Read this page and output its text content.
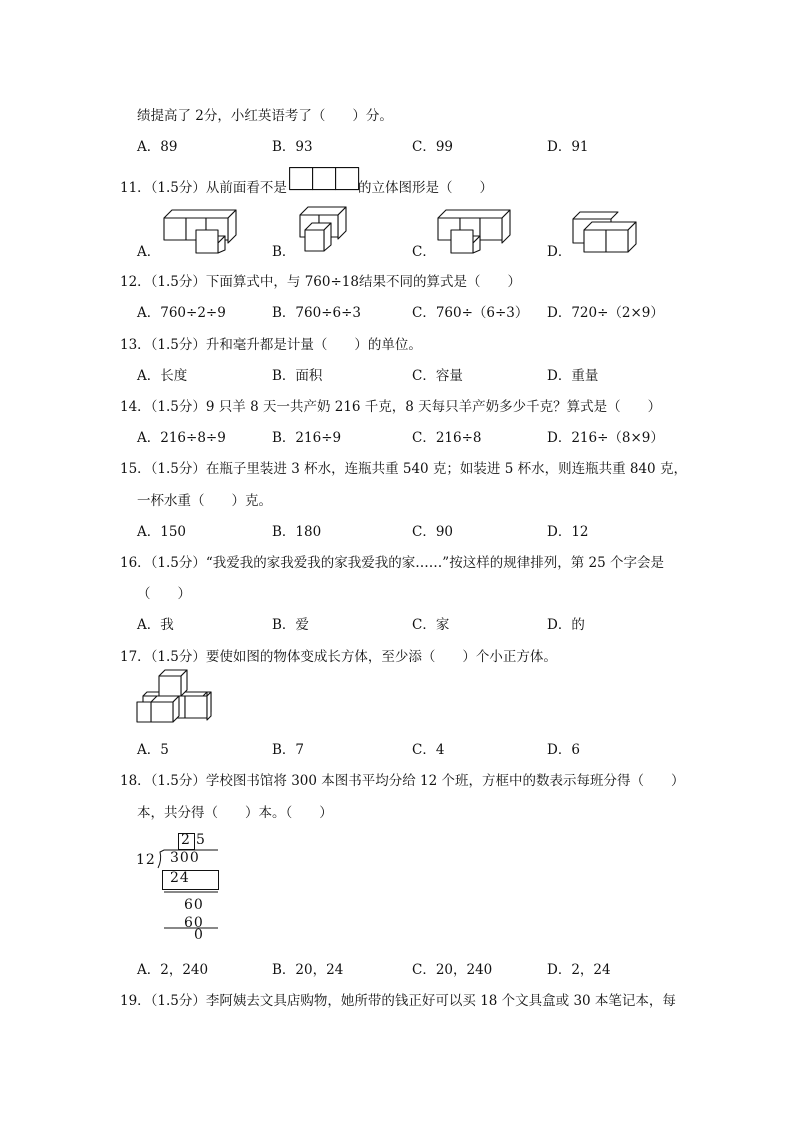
绩提高了 2分，小红英语考了（　　）分。
A．89	B．93	C．99	D．91
11．（1.5分）从前面看不是	的立体图形是（　　）
A．	B．	C．	D．
12．（1.5分）下面算式中，与 760÷18结果不同的算式是（　　）
A．760÷2÷9	B．760÷6÷3	C．760÷（6÷3） D．720÷（2×9）
13．（1.5分）升和毫升都是计量（　　）的单位。
A．长度	B．面积	C．容量	D．重量
14．（1.5分）9 只羊 8 天一共产奶 216 千克，8 天每只羊产奶多少千克？算式是（　　）
A．216÷8÷9	B．216÷9	C．216÷8	D．216÷（8×9）
15．（1.5分）在瓶子里装进 3 杯水，连瓶共重 540 克；如装进 5 杯水，则连瓶共重 840 克，
一杯水重（　　）克。
A．150	B．180	C．90	D．12
16．（1.5分）“我爱我的家我爱我的家我爱我的家……”按这样的规律排列，第 25 个字会是
（　　）
A．我	B．爱	C．家	D．的
17．（1.5分）要使如图的物体变成长方体，至少添（　　）个小正方体。
A．5	B．7	C．4	D．6
18．（1.5分）学校图书馆将 300 本图书平均分给 12 个班，方框中的数表示每班分得（　　）
本，共分得（　　）本。（　　）
2 5
12 300
24
60
60
0
A．2，240	B．20，24	C．20，240	D．2，24
19．（1.5分）李阿姨去文具店购物，她所带的钱正好可以买 18 个文具盒或 30 本笔记本，每
